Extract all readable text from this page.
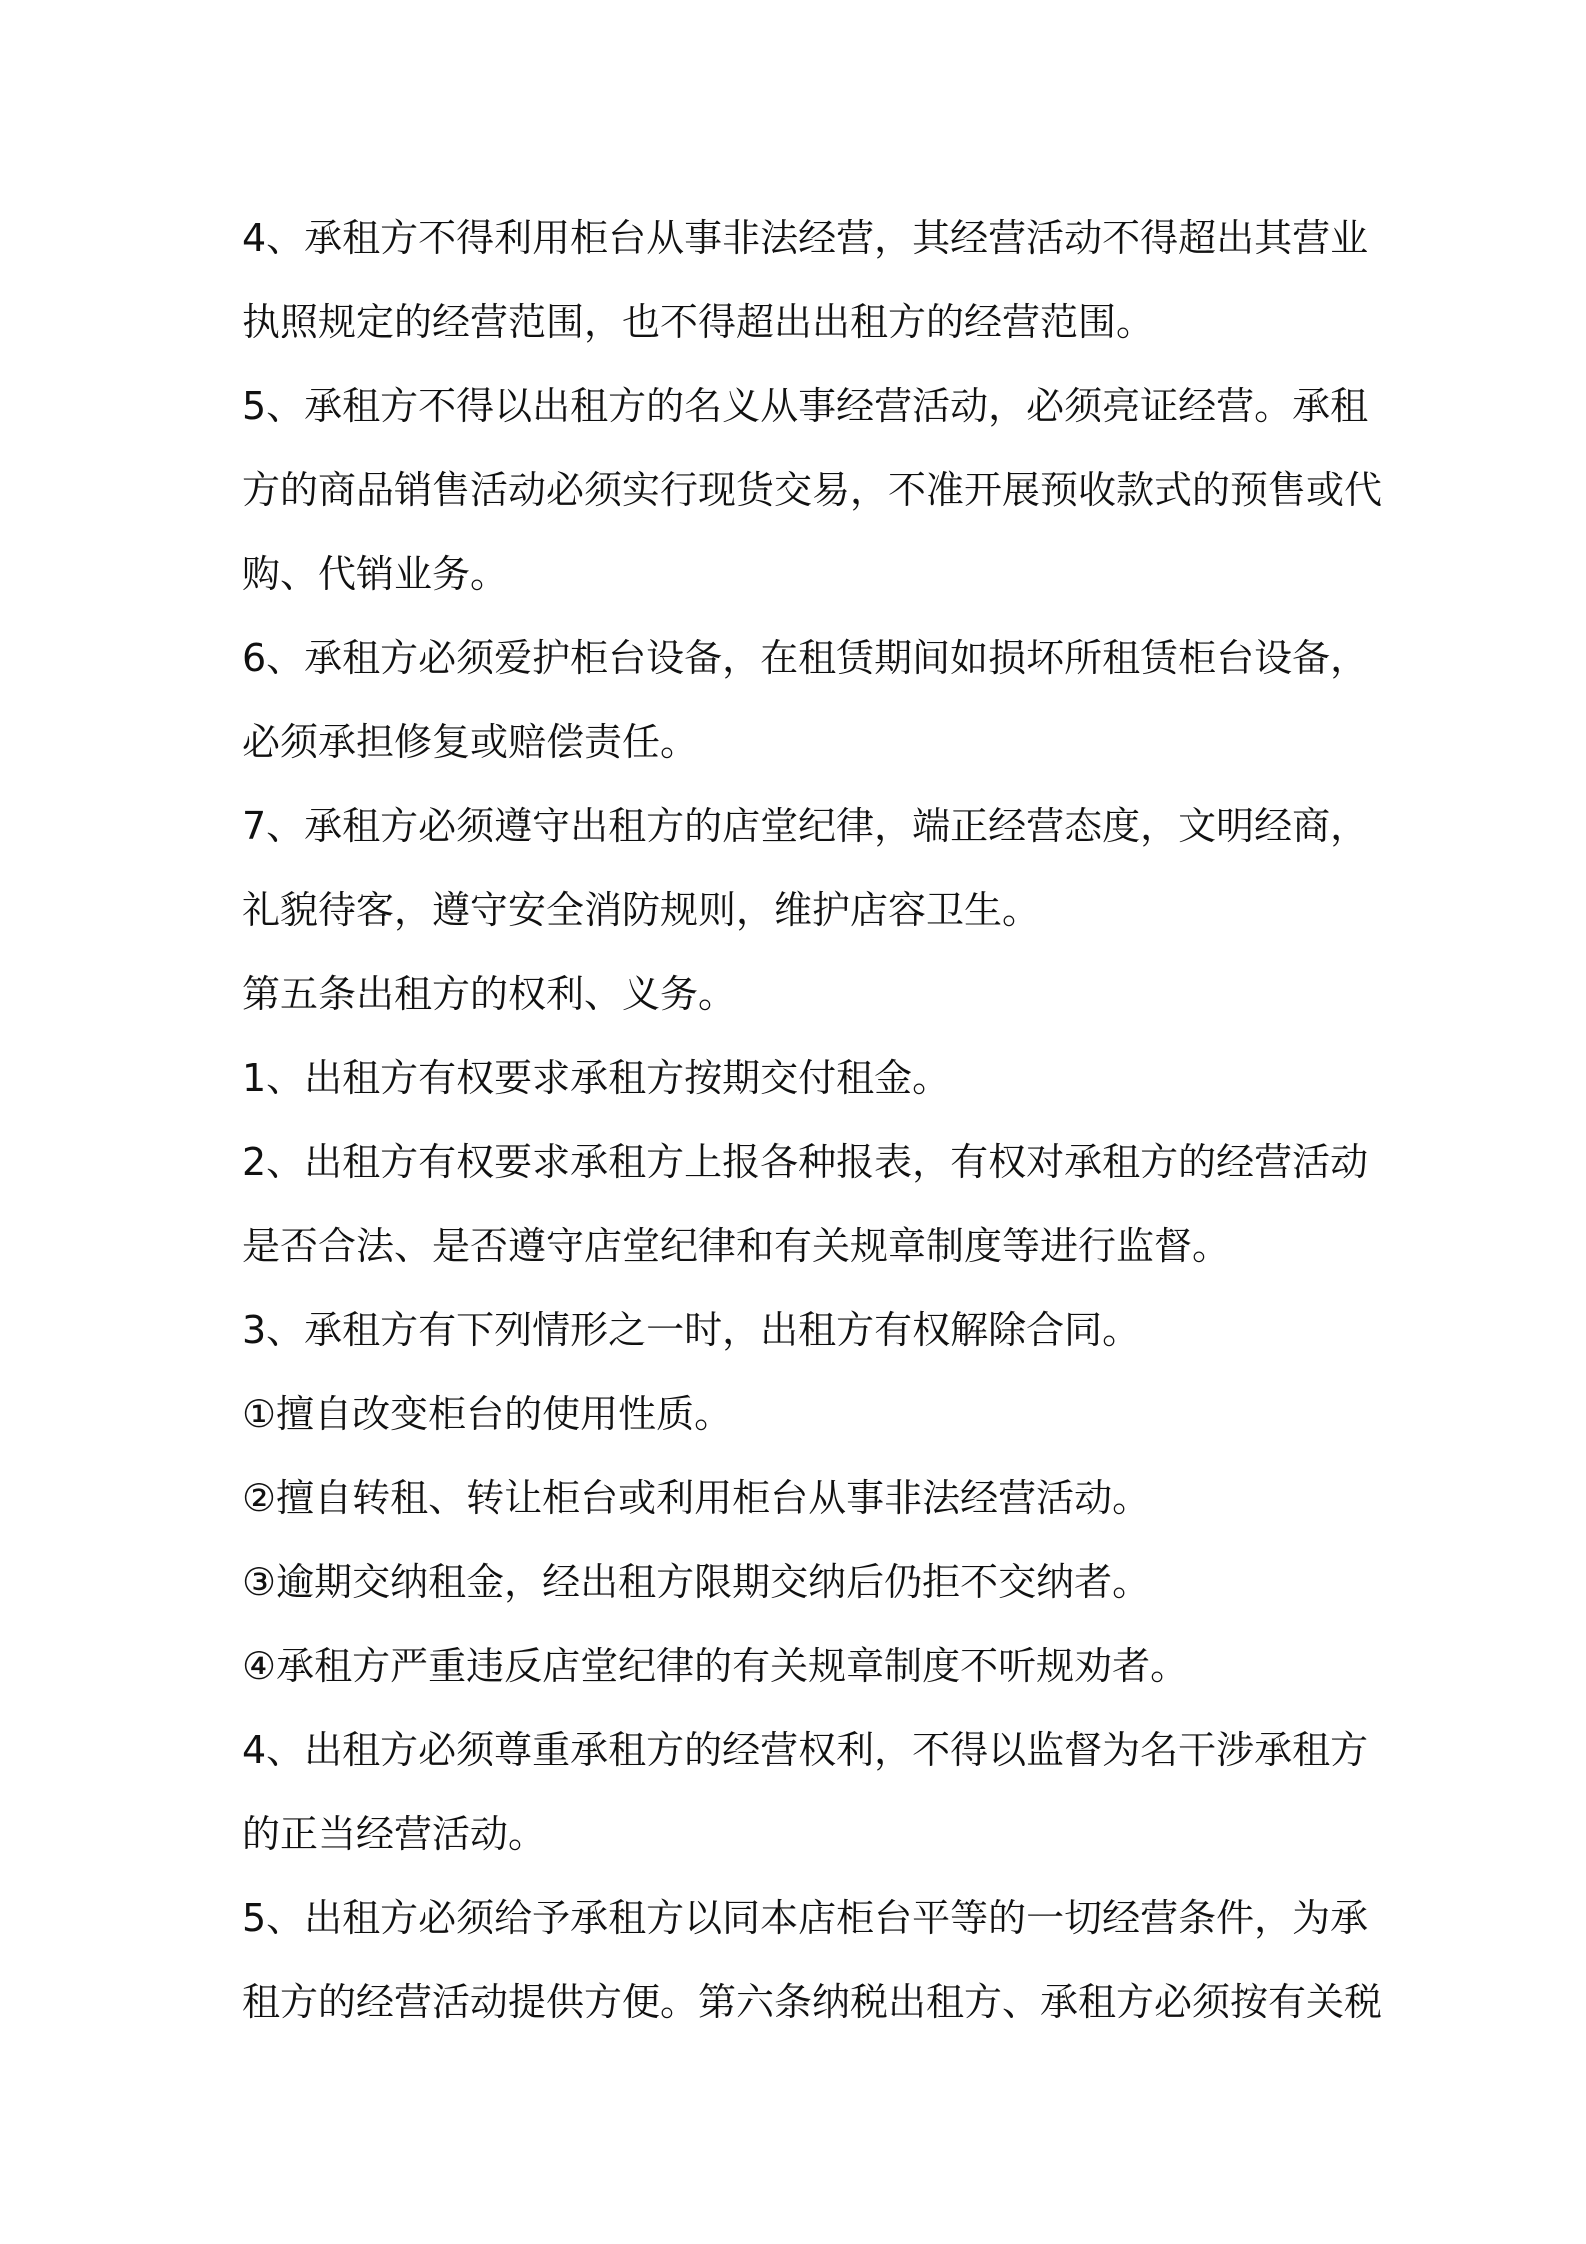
4、承租方不得利用柜台从事非法经营，其经营活动不得超出其营业

执照规定的经营范围，也不得超出出租方的经营范围。

5、承租方不得以出租方的名义从事经营活动，必须亮证经营。承租

方的商品销售活动必须实行现货交易，不准开展预收款式的预售或代

购、代销业务。

6、承租方必须爱护柜台设备，在租赁期间如损坏所租赁柜台设备，

必须承担修复或赔偿责任。

7、承租方必须遵守出租方的店堂纪律，端正经营态度，文明经商，

礼貌待客，遵守安全消防规则，维护店容卫生。

第五条出租方的权利、义务。

1、出租方有权要求承租方按期交付租金。

2、出租方有权要求承租方上报各种报表，有权对承租方的经营活动

是否合法、是否遵守店堂纪律和有关规章制度等进行监督。

3、承租方有下列情形之一时，出租方有权解除合同。

①擅自改变柜台的使用性质。

②擅自转租、转让柜台或利用柜台从事非法经营活动。

③逾期交纳租金，经出租方限期交纳后仍拒不交纳者。

④承租方严重违反店堂纪律的有关规章制度不听规劝者。

4、出租方必须尊重承租方的经营权利，不得以监督为名干涉承租方

的正当经营活动。

5、出租方必须给予承租方以同本店柜台平等的一切经营条件，为承

租方的经营活动提供方便。第六条纳税出租方、承租方必须按有关税
